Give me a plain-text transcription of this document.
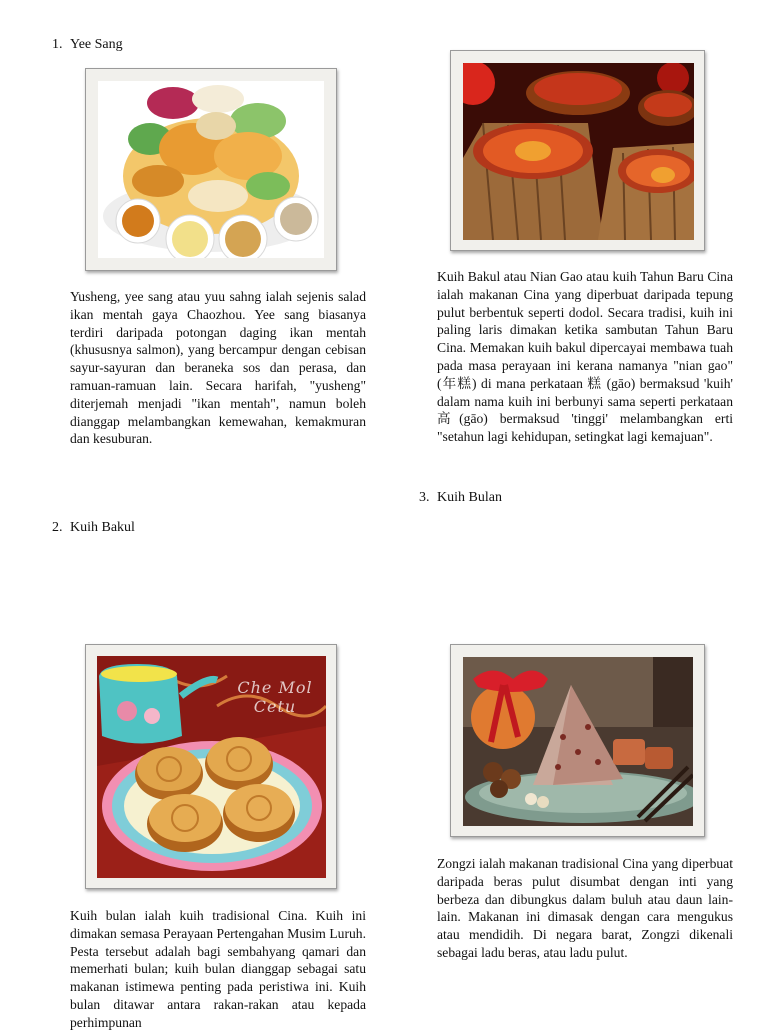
1. Yee Sang
2. Kuih Bakul
3. Kuih Bulan
Yusheng, yee sang atau yuu sahng ialah sejenis salad ikan mentah gaya Chaozhou. Yee sang biasanya terdiri daripada potongan daging ikan mentah (khususnya salmon), yang bercampur dengan cebisan sayur-sayuran dan beraneka sos dan perasa, dan ramuan-ramuan lain. Secara harifah, "yusheng" diterjemah menjadi "ikan mentah", namun boleh dianggap melambangkan kemewahan, kemakmuran dan kesuburan.
Kuih Bakul atau Nian Gao atau kuih Tahun Baru Cina ialah makanan Cina yang diperbuat daripada tepung pulut berbentuk seperti dodol. Secara tradisi, kuih ini paling laris dimakan ketika sambutan Tahun Baru Cina. Memakan kuih bakul dipercayai membawa tuah pada masa perayaan ini kerana namanya "nian gao" (年糕) di mana perkataan 糕 (gāo) bermaksud 'kuih' dalam nama kuih ini berbunyi sama seperti perkataan 高(gāo) bermaksud 'tinggi' melambangkan erti "setahun lagi kehidupan, setingkat lagi kemajuan".
Kuih bulan ialah kuih tradisional Cina. Kuih ini dimakan semasa Perayaan Pertengahan Musim Luruh. Pesta tersebut adalah bagi sembahyang qamari dan memerhati bulan; kuih bulan dianggap sebagai satu makanan istimewa penting pada peristiwa ini. Kuih bulan ditawar antara rakan-rakan atau kepada perhimpunan
Zongzi ialah makanan tradisional Cina yang diperbuat daripada beras pulut disumbat dengan inti yang berbeza dan dibungkus dalam buluh atau daun lain-lain. Makanan ini dimasak dengan cara mengukus atau mendidih. Di negara barat, Zongzi dikenali sebagai ladu beras, atau ladu pulut.
Che Mol Cetu
